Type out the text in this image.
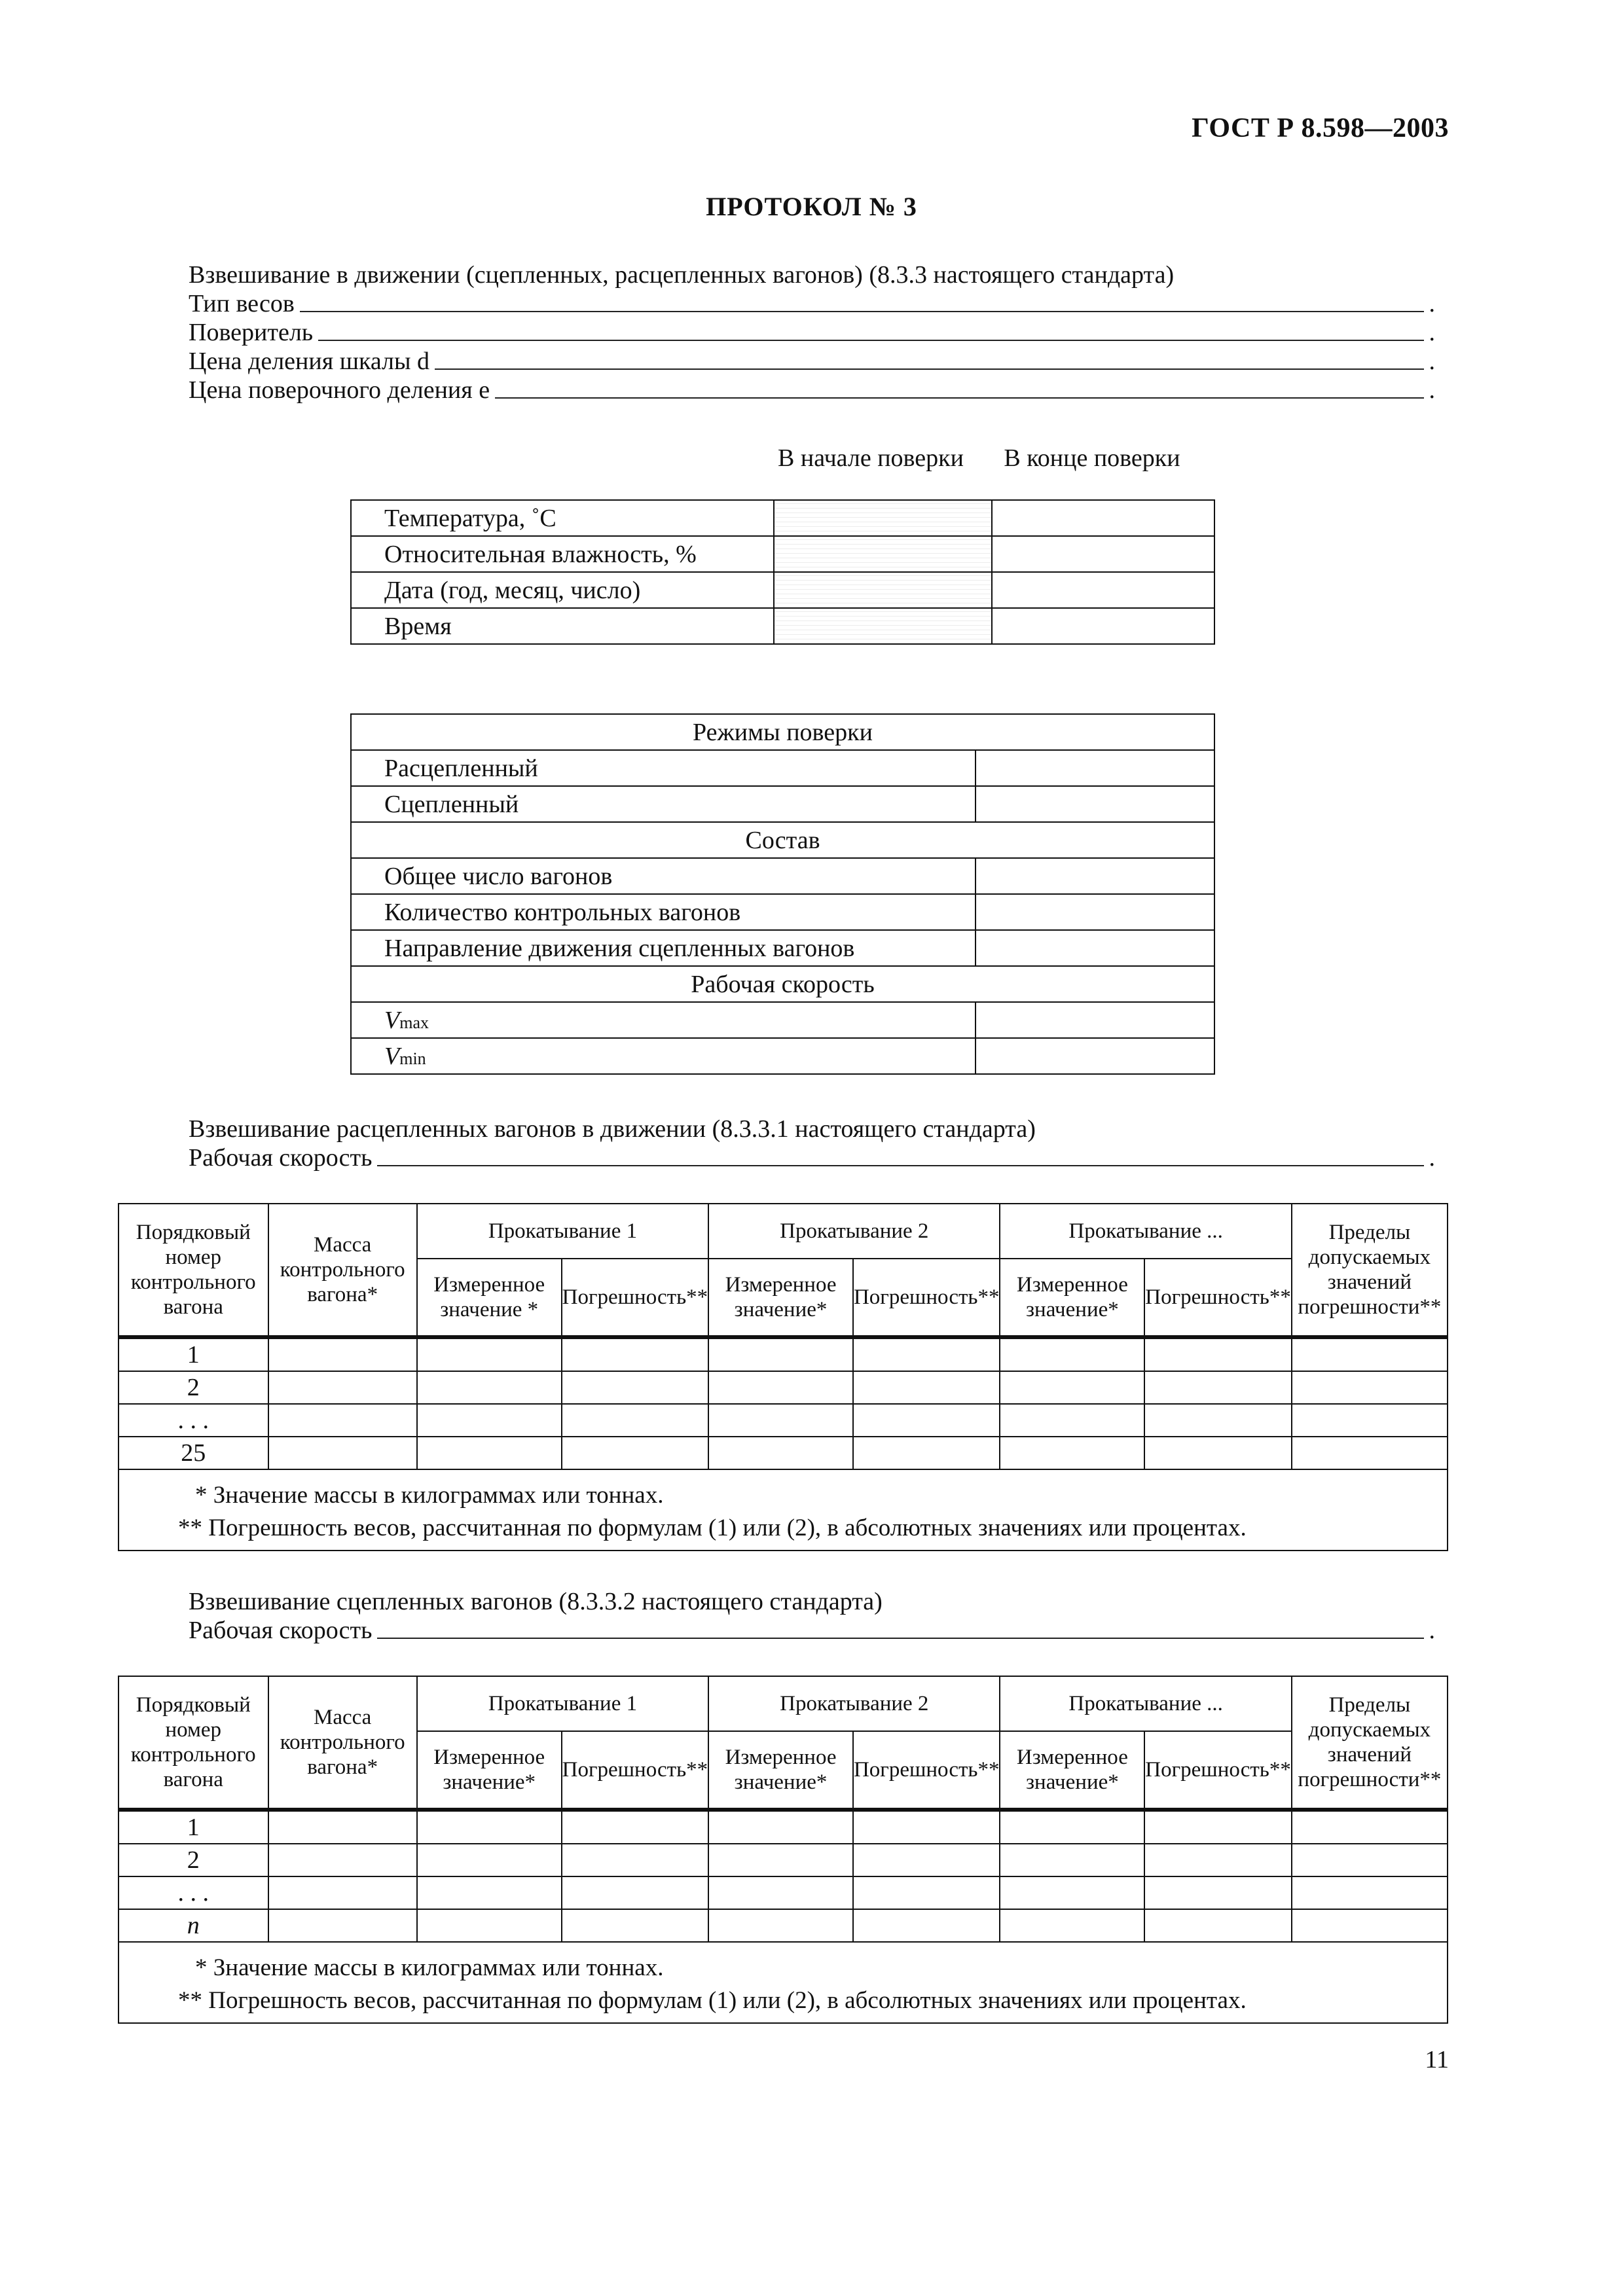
ГОСТ Р 8.598—2003
ПРОТОКОЛ № 3
Взвешивание в движении (сцепленных, расцепленных вагонов) (8.3.3 настоящего стандарта)
Тип весов	.
Поверитель	.
Цена деления шкалы d	.
Цена поверочного деления e	.
В начале поверки	В конце поверки
Температура, ˚С		
Относительная влажность, %		
Дата (год, месяц, число)		
Время		
Режимы поверки	
Расцепленный	
Сцепленный	
Состав	
Общее число вагонов	
Количество контрольных вагонов	
Направление движения сцепленных вагонов	
Рабочая скорость	
Vmax	
Vmin	
Взвешивание расцепленных вагонов в движении (8.3.3.1 настоящего стандарта)
Рабочая скорость	.
Порядковый номер контрольного вагона	Масса контрольного вагона*	Прокатывание 1		Прокатывание 2		Прокатывание ...		Пределы допускаемых значений погрешности**
		Измеренное значение *	Погрешность**	Измеренное значение*	Погрешность**	Измеренное значение*	Погрешность**	
1								
2								
. . .								
25								

* Значение массы в килограммах или тоннах.
** Погрешность весов, рассчитанная по формулам (1) или (2), в абсолютных значениях или процентах.								
Взвешивание сцепленных вагонов (8.3.3.2 настоящего стандарта)
Рабочая скорость	.
Порядковый номер контрольного вагона	Масса контрольного вагона*	Прокатывание 1		Прокатывание 2		Прокатывание ...		Пределы допускаемых значений погрешности**
		Измеренное значение*	Погрешность**	Измеренное значение*	Погрешность**	Измеренное значение*	Погрешность**	
1								
2								
. . .								
n								

* Значение массы в килограммах или тоннах.
** Погрешность весов, рассчитанная по формулам (1) или (2), в абсолютных значениях или процентах.								
11
